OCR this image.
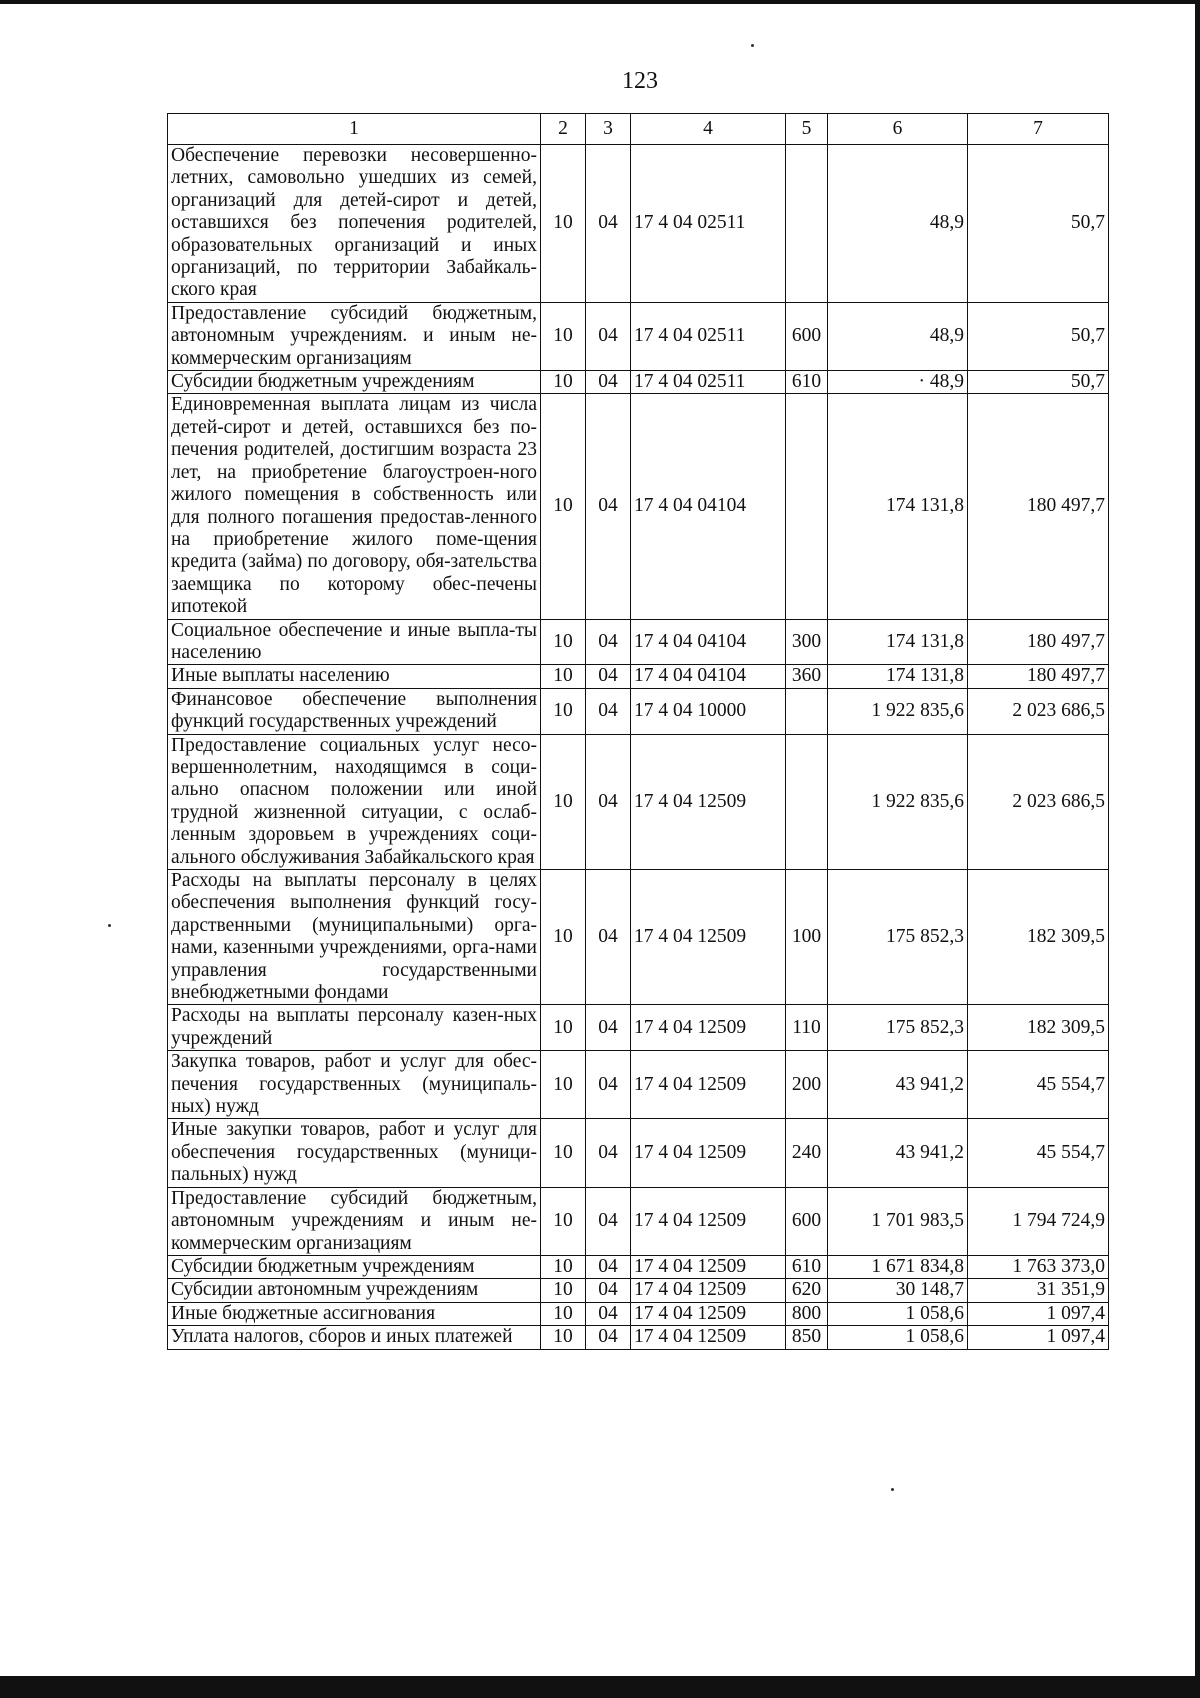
123
1	2	3	4	5	6	7
Обеспечение перевозки несовершенно-летних, самовольно ушедших из семей, организаций для детей-сирот и детей, оставшихся без попечения родителей, образовательных организаций и иных организаций, по территории Забайкаль-ского края	10	04	17 4 04 02511		48,9	50,7
Предоставление субсидий бюджетным, автономным учреждениям. и иным не-коммерческим организациям	10	04	17 4 04 02511	600	48,9	50,7
Субсидии бюджетным учреждениям	10	04	17 4 04 02511	610	· 48,9	50,7
Единовременная выплата лицам из числа детей-сирот и детей, оставшихся без по-печения родителей, достигшим возраста 23 лет, на приобретение благоустроен-ного жилого помещения в собственность или для полного погашения предостав-ленного на приобретение жилого поме-щения кредита (займа) по договору, обя-зательства заемщика по которому обес-печены ипотекой	10	04	17 4 04 04104		174 131,8	180 497,7
Социальное обеспечение и иные выпла-ты населению	10	04	17 4 04 04104	300	174 131,8	180 497,7
Иные выплаты населению	10	04	17 4 04 04104	360	174 131,8	180 497,7
Финансовое обеспечение выполнения функций государственных учреждений	10	04	17 4 04 10000		1 922 835,6	2 023 686,5
Предоставление социальных услуг несо-вершеннолетним, находящимся в соци-ально опасном положении или иной трудной жизненной ситуации, с ослаб-ленным здоровьем в учреждениях соци-ального обслуживания Забайкальского края	10	04	17 4 04 12509		1 922 835,6	2 023 686,5
Расходы на выплаты персоналу в целях обеспечения выполнения функций госу-дарственными (муниципальными) орга-нами, казенными учреждениями, орга-нами управления государственными внебюджетными фондами	10	04	17 4 04 12509	100	175 852,3	182 309,5
Расходы на выплаты персоналу казен-ных учреждений	10	04	17 4 04 12509	110	175 852,3	182 309,5
Закупка товаров, работ и услуг для обес-печения государственных (муниципаль-ных) нужд	10	04	17 4 04 12509	200	43 941,2	45 554,7
Иные закупки товаров, работ и услуг для обеспечения государственных (муници-пальных) нужд	10	04	17 4 04 12509	240	43 941,2	45 554,7
Предоставление субсидий бюджетным, автономным учреждениям и иным не-коммерческим организациям	10	04	17 4 04 12509	600	1 701 983,5	1 794 724,9
Субсидии бюджетным учреждениям	10	04	17 4 04 12509	610	1 671 834,8	1 763 373,0
Субсидии автономным учреждениям	10	04	17 4 04 12509	620	30 148,7	31 351,9
Иные бюджетные ассигнования	10	04	17 4 04 12509	800	1 058,6	1 097,4
Уплата налогов, сборов и иных платежей	10	04	17 4 04 12509	850	1 058,6	1 097,4
